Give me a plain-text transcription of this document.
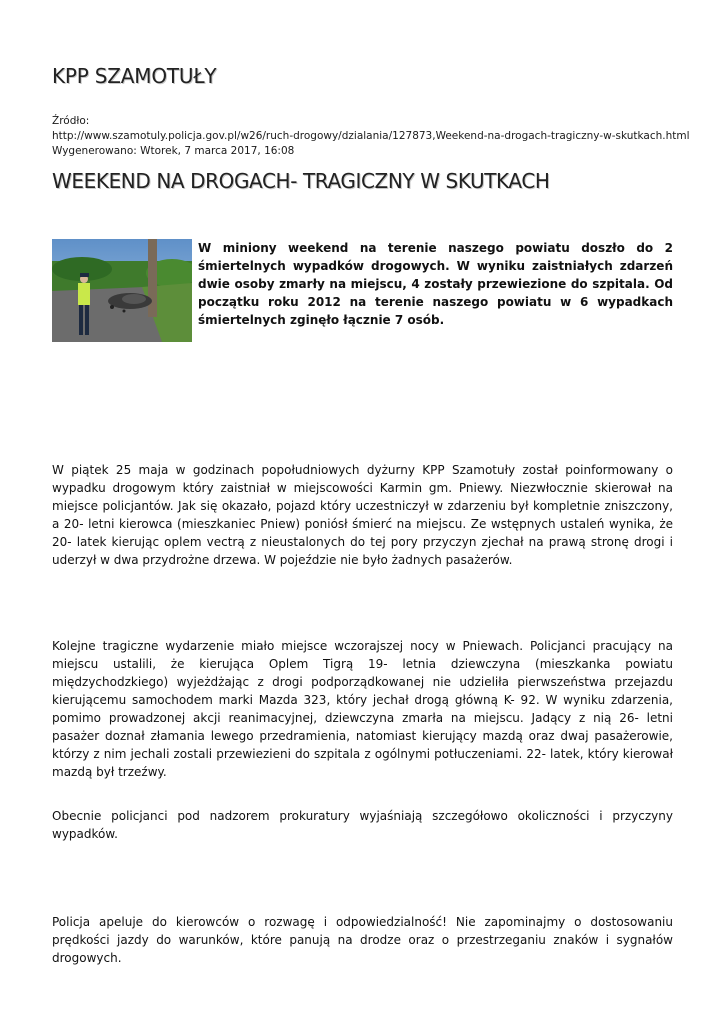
KPP SZAMOTUŁY
Źródło:
http://www.szamotuly.policja.gov.pl/w26/ruch-drogowy/dzialania/127873,Weekend-na-drogach-tragiczny-w-skutkach.html
Wygenerowano: Wtorek, 7 marca 2017, 16:08
WEEKEND NA DROGACH- TRAGICZNY W SKUTKACH
W miniony weekend na terenie naszego powiatu doszło do 2 śmiertelnych wypadków drogowych. W wyniku zaistniałych zdarzeń dwie osoby zmarły na miejscu, 4 zostały przewiezione do szpitala. Od początku roku 2012 na terenie naszego powiatu w 6 wypadkach śmiertelnych zginęło łącznie 7 osób.

W piątek 25 maja w godzinach popołudniowych dyżurny KPP Szamotuły został poinformowany o wypadku drogowym który zaistniał w miejscowości Karmin gm. Pniewy. Niezwłocznie skierował na miejsce policjantów. Jak się okazało, pojazd który uczestniczył w zdarzeniu był kompletnie zniszczony, a 20- letni kierowca (mieszkaniec Pniew) poniósł śmierć na miejscu. Ze wstępnych ustaleń wynika, że 20- latek kierując oplem vectrą z nieustalonych do tej pory przyczyn zjechał na prawą stronę drogi i uderzył w dwa przydrożne drzewa. W pojeździe nie było żadnych pasażerów.

Kolejne tragiczne wydarzenie miało miejsce wczorajszej nocy w Pniewach. Policjanci pracujący na miejscu ustalili, że kierująca Oplem Tigrą 19- letnia dziewczyna (mieszkanka powiatu międzychodzkiego) wyjeżdżając z drogi podporządkowanej nie udzieliła pierwszeństwa przejazdu kierującemu samochodem marki Mazda 323, który jechał drogą główną K- 92. W wyniku zdarzenia, pomimo prowadzonej akcji reanimacyjnej, dziewczyna zmarła na miejscu. Jadący z nią 26- letni pasażer doznał złamania lewego przedramienia, natomiast kierujący mazdą oraz dwaj pasażerowie, którzy z nim jechali zostali przewiezieni do szpitala z ogólnymi potłuczeniami. 22- latek, który kierował mazdą był trzeźwy.

Obecnie policjanci pod nadzorem prokuratury wyjaśniają szczegółowo okoliczności i przyczyny wypadków.

Policja apeluje do kierowców o rozwagę i odpowiedzialność! Nie zapominajmy o dostosowaniu prędkości jazdy do warunków, które panują na drodze oraz o przestrzeganiu znaków i sygnałów drogowych.
